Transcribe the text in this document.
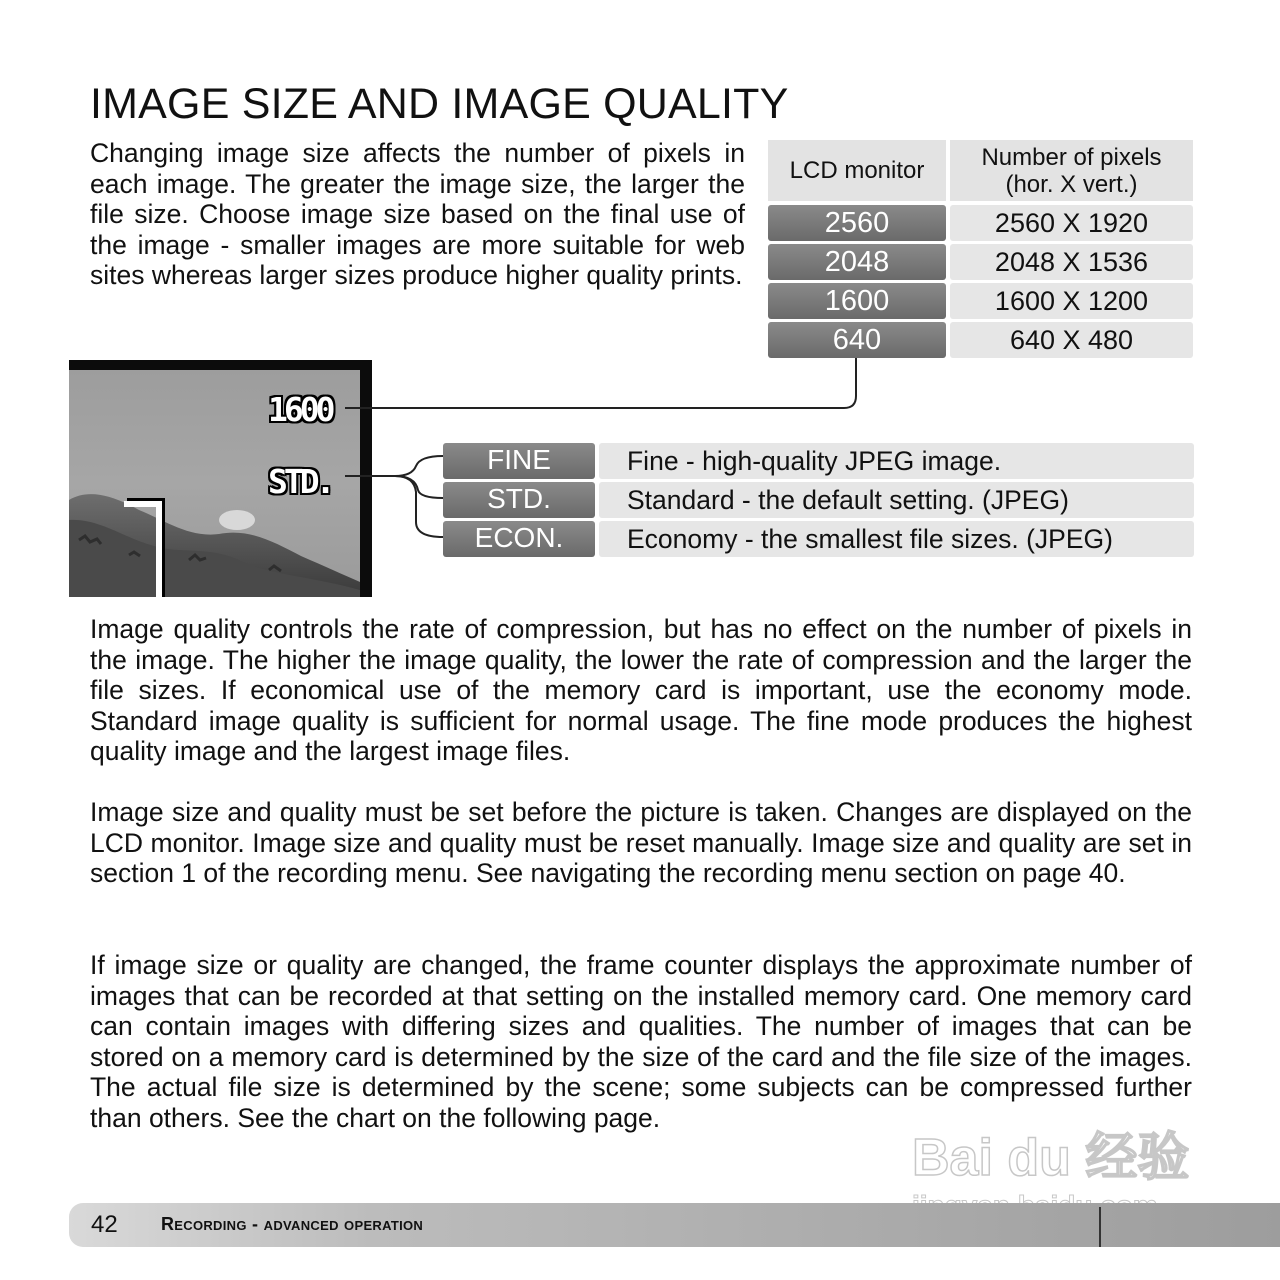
IMAGE SIZE AND IMAGE QUALITY

Changing image size affects the number of pixels in each image. The greater the image size, the larger the file size. Choose image size based on the final use of the image - smaller images are more suitable for web sites whereas larger sizes produce higher quality prints.

LCD monitor	Number of pixels (hor. X vert.)
2560	2560 X 1920
2048	2048 X 1536
1600	1600 X 1200
640	640 X 480
1600
STD.
FINE	Fine - high-quality JPEG image.
STD.	Standard - the default setting. (JPEG)
ECON.	Economy - the smallest file sizes. (JPEG)

Image quality controls the rate of compression, but has no effect on the number of pixels in the image. The higher the image quality, the lower the rate of compression and the larger the file sizes. If economical use of the memory card is important, use the economy mode. Standard image quality is sufficient for normal usage. The fine mode produces the highest quality image and the largest image files.

Image size and quality must be set before the picture is taken. Changes are displayed on the LCD monitor. Image size and quality must be reset manually. Image size and quality are set in section 1 of the recording menu. See navigating the recording menu section on page 40.

If image size or quality are changed, the frame counter displays the approximate number of images that can be recorded at that setting on the installed memory card. One memory card can contain images with differing sizes and qualities. The number of images that can be stored on a memory card is determined by the size of the card and the file size of the images. The actual file size is determined by the scene; some subjects can be compressed further than others. See the chart on the following page.

Bai du 经验
42 Recording - advanced operation
